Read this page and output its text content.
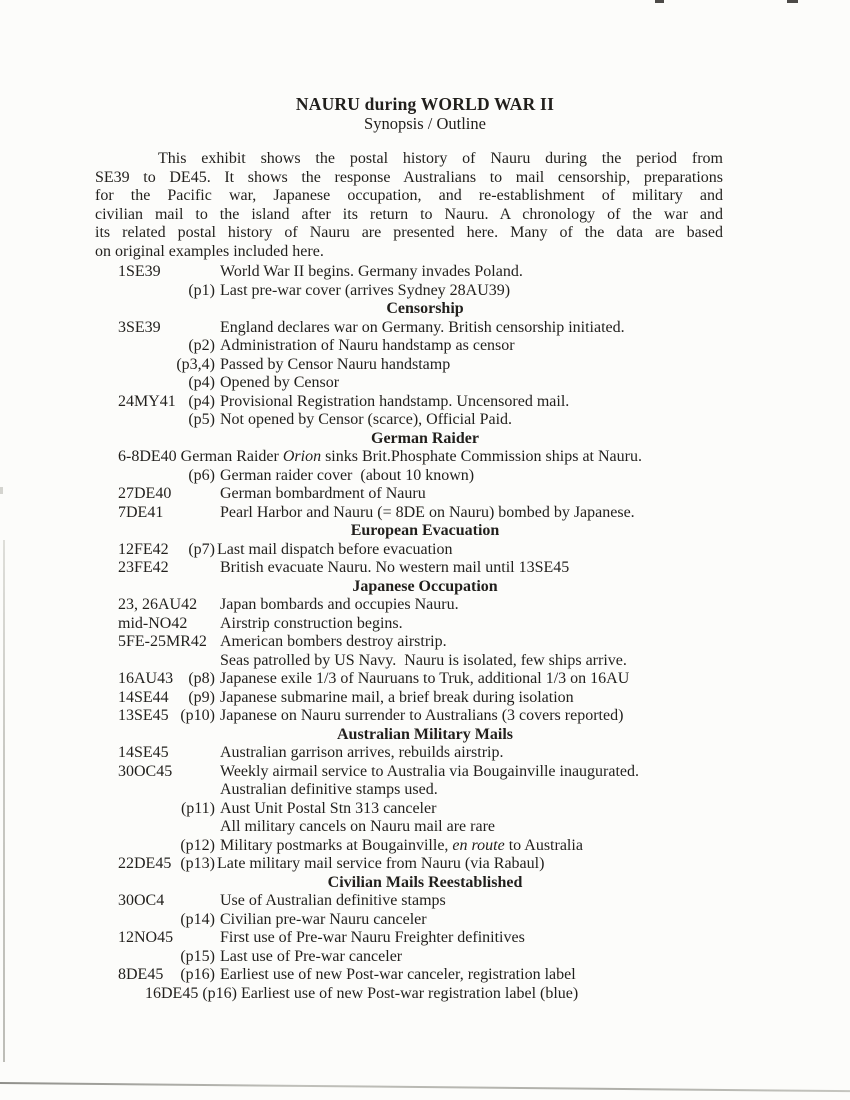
NAURU during WORLD WAR II
Synopsis / Outline
This exhibit shows the postal history of Nauru during the period from
SE39 to DE45. It shows the response Australians to mail censorship, preparations
for the Pacific war, Japanese occupation, and re-establishment of military and
civilian mail to the island after its return to Nauru. A chronology of the war and
its related postal history of Nauru are presented here. Many of the data are based
on original examples included here.
1SE39	World War II begins. Germany invades Poland.
(p1) Last pre-war cover (arrives Sydney 28AU39)
Censorship
3SE39	England declares war on Germany. British censorship initiated.
(p2) Administration of Nauru handstamp as censor
(p3,4) Passed by Censor Nauru handstamp
(p4) Opened by Censor
24MY41 (p4) Provisional Registration handstamp. Uncensored mail.
(p5) Not opened by Censor (scarce), Official Paid.
German Raider
6-8DE40 German Raider Orion sinks Brit.Phosphate Commission ships at Nauru.
(p6) German raider cover  (about 10 known)
27DE40	German bombardment of Nauru
7DE41	Pearl Harbor and Nauru (= 8DE on Nauru) bombed by Japanese.
European Evacuation
12FE42 (p7) Last mail dispatch before evacuation
23FE42	British evacuate Nauru. No western mail until 13SE45
Japanese Occupation
23, 26AU42 Japan bombards and occupies Nauru.
mid-NO42 Airstrip construction begins.
5FE-25MR42 American bombers destroy airstrip.
Seas patrolled by US Navy.  Nauru is isolated, few ships arrive.
16AU43 (p8) Japanese exile 1/3 of Nauruans to Truk, additional 1/3 on 16AU
14SE44 (p9) Japanese submarine mail, a brief break during isolation
13SE45 (p10) Japanese on Nauru surrender to Australians (3 covers reported)
Australian Military Mails
14SE45	Australian garrison arrives, rebuilds airstrip.
30OC45	Weekly airmail service to Australia via Bougainville inaugurated.
Australian definitive stamps used.
(p11) Aust Unit Postal Stn 313 canceler
All military cancels on Nauru mail are rare
(p12) Military postmarks at Bougainville, en route to Australia
22DE45 (p13) Late military mail service from Nauru (via Rabaul)
Civilian Mails Reestablished
30OC4	Use of Australian definitive stamps
(p14) Civilian pre-war Nauru canceler
12NO45	First use of Pre-war Nauru Freighter definitives
(p15) Last use of Pre-war canceler
8DE45 (p16) Earliest use of new Post-war canceler, registration label
16DE45 (p16) Earliest use of new Post-war registration label (blue)
